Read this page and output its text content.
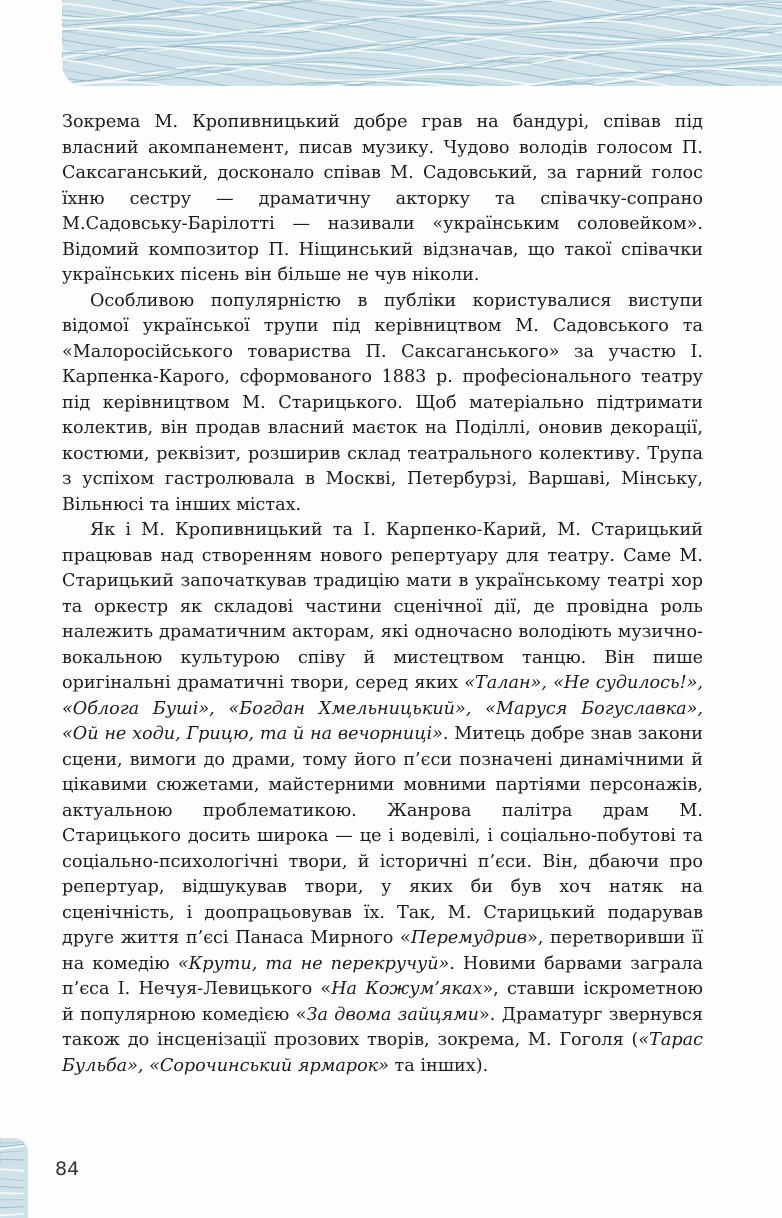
Зокрема М. Кропивницький добре грав на бандурі, співав під власний акомпанемент, писав музику. Чудово володів голосом П. Саксаганський, досконало співав М. Садовський, за гарний голос їхню сестру — драматичну акторку та співачку-сопрано М.Садовську-Барілотті — називали «українським соловейком». Відомий композитор П. Ніщинський відзначав, що такої співачки українських пісень він більше не чув ніколи.

Особливою популярністю в публіки користувалися виступи відомої української трупи під керівництвом М. Садовського та «Малоросійського товариства П. Саксаганського» за участю І. Карпенка-Карого, сформованого 1883 р. професіонального театру під керівництвом М. Старицького. Щоб матеріально підтримати колектив, він продав власний маєток на Поділлі, оновив декорації, костюми, реквізит, розширив склад театрального колективу. Трупа з успіхом гастролювала в Москві, Петербурзі, Варшаві, Мінську, Вільнюсі та інших містах.

Як і М. Кропивницький та І. Карпенко-Карий, М. Старицький працював над створенням нового репертуару для театру. Саме М. Старицький започаткував традицію мати в українському театрі хор та оркестр як складові частини сценічної дії, де провідна роль належить драматичним акторам, які одночасно володіють музично-вокальною культурою співу й мистецтвом танцю. Він пише оригінальні драматичні твори, серед яких «Талан», «Не судилось!», «Облога Буші», «Богдан Хмельницький», «Маруся Богуславка», «Ой не ходи, Грицю, та й на вечорниці». Митець добре знав закони сцени, вимоги до драми, тому його п’єси позначені динамічними й цікавими сюжетами, майстерними мовними партіями персонажів, актуальною проблематикою. Жанрова палітра драм М. Старицького досить широка — це і водевілі, і соціально-побутові та соціально-психологічні твори, й історичні п’єси. Він, дбаючи про репертуар, відшукував твори, у яких би був хоч натяк на сценічність, і доопрацьовував їх. Так, М. Старицький подарував друге життя п’єсі Панаса Мирного «Перемудрив», перетворивши її на комедію «Крути, та не перекручуй». Новими барвами заграла п’єса І. Нечуя-Левицького «На Кожум’яках», ставши іскрометною й популярною комедією «За двома зайцями». Драматург звернувся також до інсценізації прозових творів, зокрема, М. Гоголя («Тарас Бульба», «Сорочинський ярмарок» та інших).

84
